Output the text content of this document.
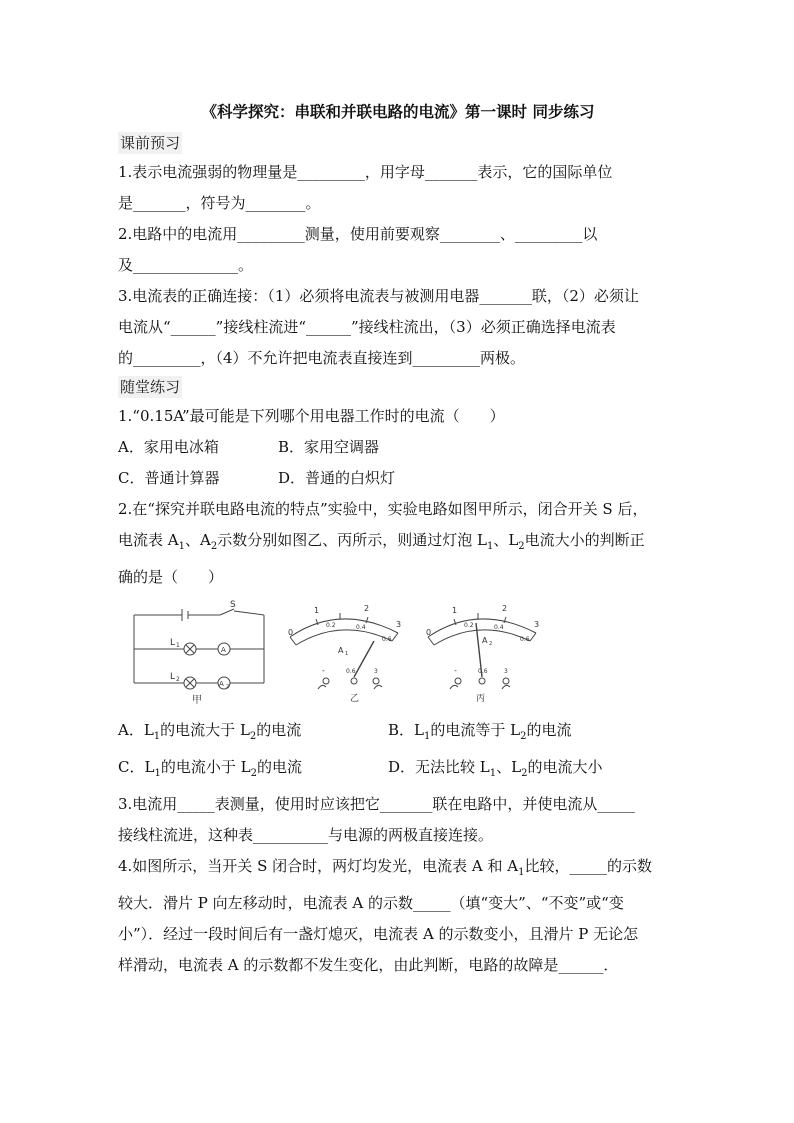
《科学探究：串联和并联电路的电流》第一课时 同步练习
课前预习
1.表示电流强弱的物理量是_________，用字母_______表示，它的国际单位
是_______，符号为________。
2.电路中的电流用_________测量，使用前要观察________、_________以
及______________。
3.电流表的正确连接：（1）必须将电流表与被测用电器_______联，（2）必须让
电流从“______”接线柱流进“______”接线柱流出，（3）必须正确选择电流表
的_________，（4）不允许把电流表直接连到_________两极。
随堂练习
1.“0.15A”最可能是下列哪个用电器工作时的电流（　　）
A．家用电冰箱	B．家用空调器
C．普通计算器	D．普通的白炽灯
2.在“探究并联电路电流的特点”实验中，实验电路如图甲所示，闭合开关 S 后，
电流表 $A_1$、$A_2$示数分别如图乙、丙所示，则通过灯泡 $L_1$、$L_2$电流大小的判断正
确的是（　　）
S
L 1
L 2
A
A 2
甲
0
1
0.2
2
0.4	3
0.6
A 1
-	0.6	3
乙
0
1
0.2
2
0.4	3
0.6
A 2
-	0.6	3
丙
A．$L_1$的电流大于 $L_2$的电流	B．$L_1$的电流等于 $L_2$的电流
C．$L_1$的电流小于 $L_2$的电流	D．无法比较 $L_1$、$L_2$的电流大小
3.电流用_____表测量，使用时应该把它_______联在电路中，并使电流从_____
接线柱流进，这种表__________与电源的两极直接连接。
4.如图所示，当开关 S 闭合时，两灯均发光，电流表 A 和 $A_1$比较，_____的示数
较大．滑片 P 向左移动时，电流表 A 的示数_____（填“变大”、“不变”或“变
小”）．经过一段时间后有一盏灯熄灭，电流表 A 的示数变小，且滑片 P 无论怎
样滑动，电流表 A 的示数都不发生变化，由此判断，电路的故障是______．
